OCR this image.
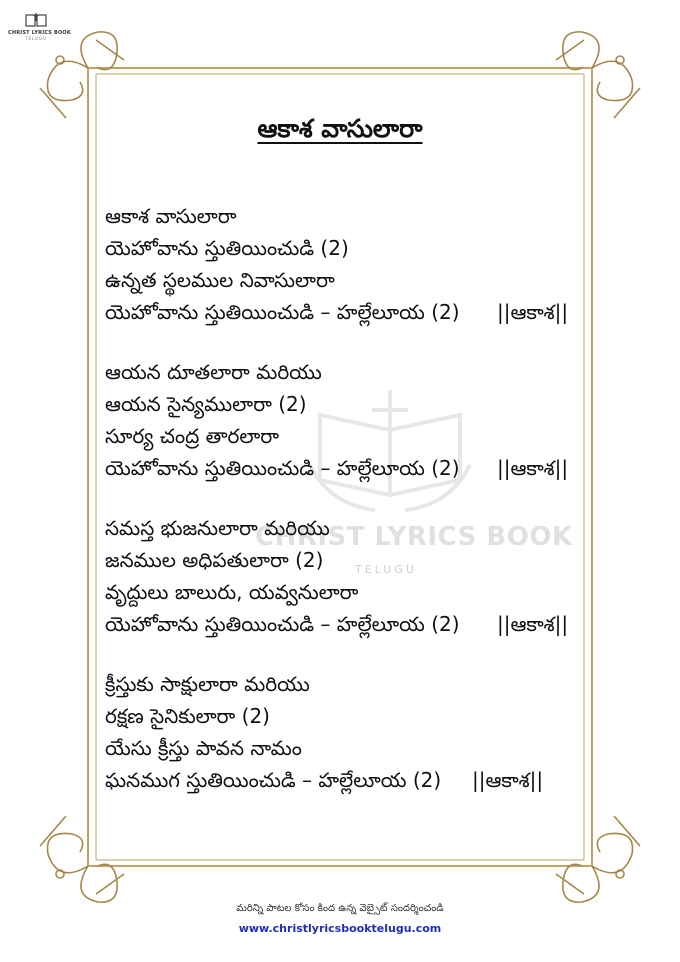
CHRIST LYRICS BOOK
TELUGU
CHRIST LYRICS BOOK
TELUGU
ఆకాశ వాసులారా
ఆకాశ వాసులారా
యెహోవాను స్తుతియించుడి (2)
ఉన్నత స్థలముల నివాసులారా
యెహోవాను స్తుతియించుడి – హల్లేలూయ (2) ||ఆకాశ||
ఆయన దూతలారా మరియు
ఆయన సైన్యములారా (2)
సూర్య చంద్ర తారలారా
యెహోవాను స్తుతియించుడి – హల్లేలూయ (2) ||ఆకాశ||
సమస్త భుజనులారా మరియు
జనముల అధిపతులారా (2)
వృద్దులు బాలురు, యవ్వనులారా
యెహోవాను స్తుతియించుడి – హల్లేలూయ (2) ||ఆకాశ||
క్రీస్తుకు సాక్షులారా మరియు
రక్షణ సైనికులారా (2)
యేసు క్రీస్తు పావన నామం
ఘనముగ స్తుతియించుడి – హల్లేలూయ (2) ||ఆకాశ||
మరిన్ని పాటల కోసం కింద ఉన్న వెబ్సైట్ సందర్శించండి
www.christlyricsbooktelugu.com
